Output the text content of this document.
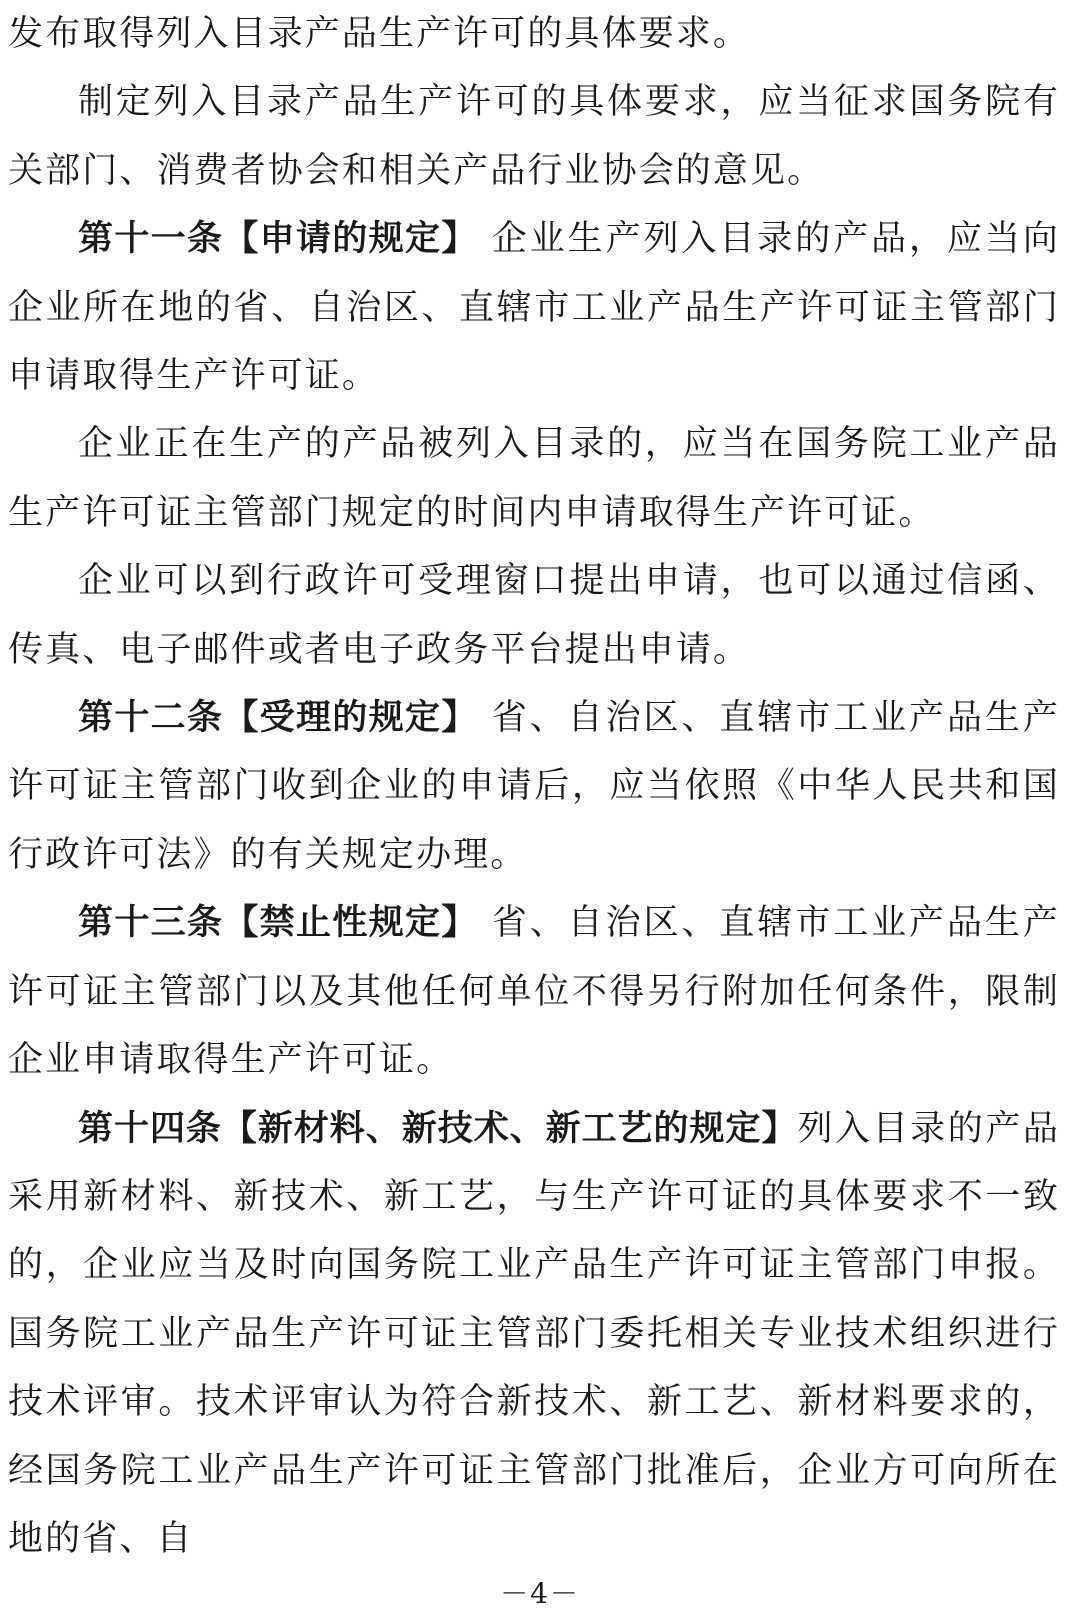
发布取得列入目录产品生产许可的具体要求。

制定列入目录产品生产许可的具体要求，应当征求国务院有关部门、消费者协会和相关产品行业协会的意见。

第十一条【申请的规定】 企业生产列入目录的产品，应当向企业所在地的省、自治区、直辖市工业产品生产许可证主管部门申请取得生产许可证。

企业正在生产的产品被列入目录的，应当在国务院工业产品生产许可证主管部门规定的时间内申请取得生产许可证。

企业可以到行政许可受理窗口提出申请，也可以通过信函、传真、电子邮件或者电子政务平台提出申请。

第十二条【受理的规定】 省、自治区、直辖市工业产品生产许可证主管部门收到企业的申请后，应当依照《中华人民共和国行政许可法》的有关规定办理。

第十三条【禁止性规定】 省、自治区、直辖市工业产品生产许可证主管部门以及其他任何单位不得另行附加任何条件，限制企业申请取得生产许可证。

第十四条【新材料、新技术、新工艺的规定】列入目录的产品采用新材料、新技术、新工艺，与生产许可证的具体要求不一致的，企业应当及时向国务院工业产品生产许可证主管部门申报。国务院工业产品生产许可证主管部门委托相关专业技术组织进行技术评审。技术评审认为符合新技术、新工艺、新材料要求的，经国务院工业产品生产许可证主管部门批准后，企业方可向所在地的省、自

－4－
